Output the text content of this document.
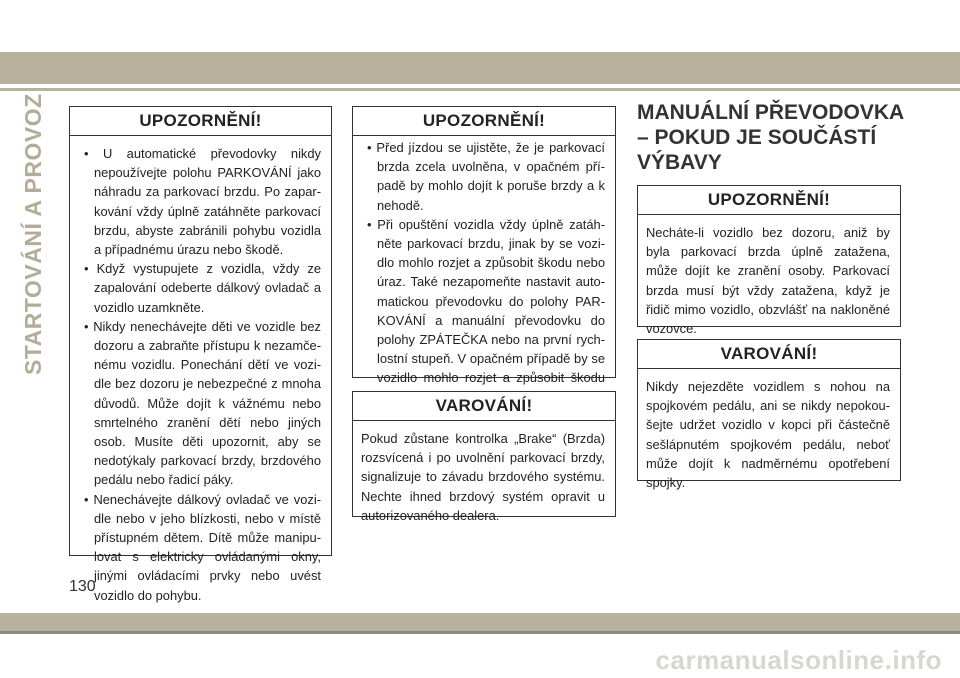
STARTOVÁNÍ A PROVOZ	UPOZORNĚNÍ!
• U automatické převodovky nikdy nepoužívejte polohu PARKOVÁNÍ jako náhradu za parkovací brzdu. Po zaparkování vždy úplně zatáhněte parkovací brzdu, abyste zabránili pohybu vozidla a případnému úrazu nebo škodě.
• Když vystupujete z vozidla, vždy ze zapalování odeberte dálkový ovladač a vozidlo uzamkněte.
• Nikdy nenechávejte děti ve vozidle bez dozoru a zabraňte přístupu k nezamčenému vozidlu. Ponechání dětí ve vozidle bez dozoru je nebezpečné z mnoha důvodů. Může dojít k vážnému nebo smrtelného zranění dětí nebo jiných osob. Musíte děti upozornit, aby se nedotýkaly parkovací brzdy, brzdového pedálu nebo řadicí páky.
• Nenechávejte dálkový ovladač ve vozidle nebo v jeho blízkosti, nebo v místě přístupném dětem. Dítě může manipulovat s elektricky ovládanými okny, jinými ovládacími prvky nebo uvést vozidlo do pohybu.
UPOZORNĚNÍ!
• Před jízdou se ujistěte, že je parkovací brzda zcela uvolněna, v opačném případě by mohlo dojít k poruše brzdy a k nehodě.
• Při opuštění vozidla vždy úplně zatáhněte parkovací brzdu, jinak by se vozidlo mohlo rozjet a způsobit škodu nebo úraz. Také nezapomeňte nastavit automatickou převodovku do polohy PARKOVÁNÍ a manuální převodovku do polohy ZPÁTEČKA nebo na první rychlostní stupeň. V opačném případě by se vozidlo mohlo rozjet a způsobit škodu
VAROVÁNÍ!
Pokud zůstane kontrolka „Brake“ (Brzda) rozsvícená i po uvolnění parkovací brzdy, signalizuje to závadu brzdového systému. Nechte ihned brzdový systém opravit u autorizovaného dealera.
MANUÁLNÍ PŘEVODOVKA – POKUD JE SOUČÁSTÍ VÝBAVY
UPOZORNĚNÍ!
Necháte-li vozidlo bez dozoru, aniž by byla parkovací brzda úplně zatažena, může dojít ke zranění osoby. Parkovací brzda musí být vždy zatažena, když je řidič mimo vozidlo, obzvlášť na nakloněné vozovce.
VAROVÁNÍ!
Nikdy nejezděte vozidlem s nohou na spojkovém pedálu, ani se nikdy nepokoušejte udržet vozidlo v kopci při částečně sešlápnutém spojkovém pedálu, neboť může dojít k nadměrnému opotřebení spojky.
130
carmanualsonline.info
